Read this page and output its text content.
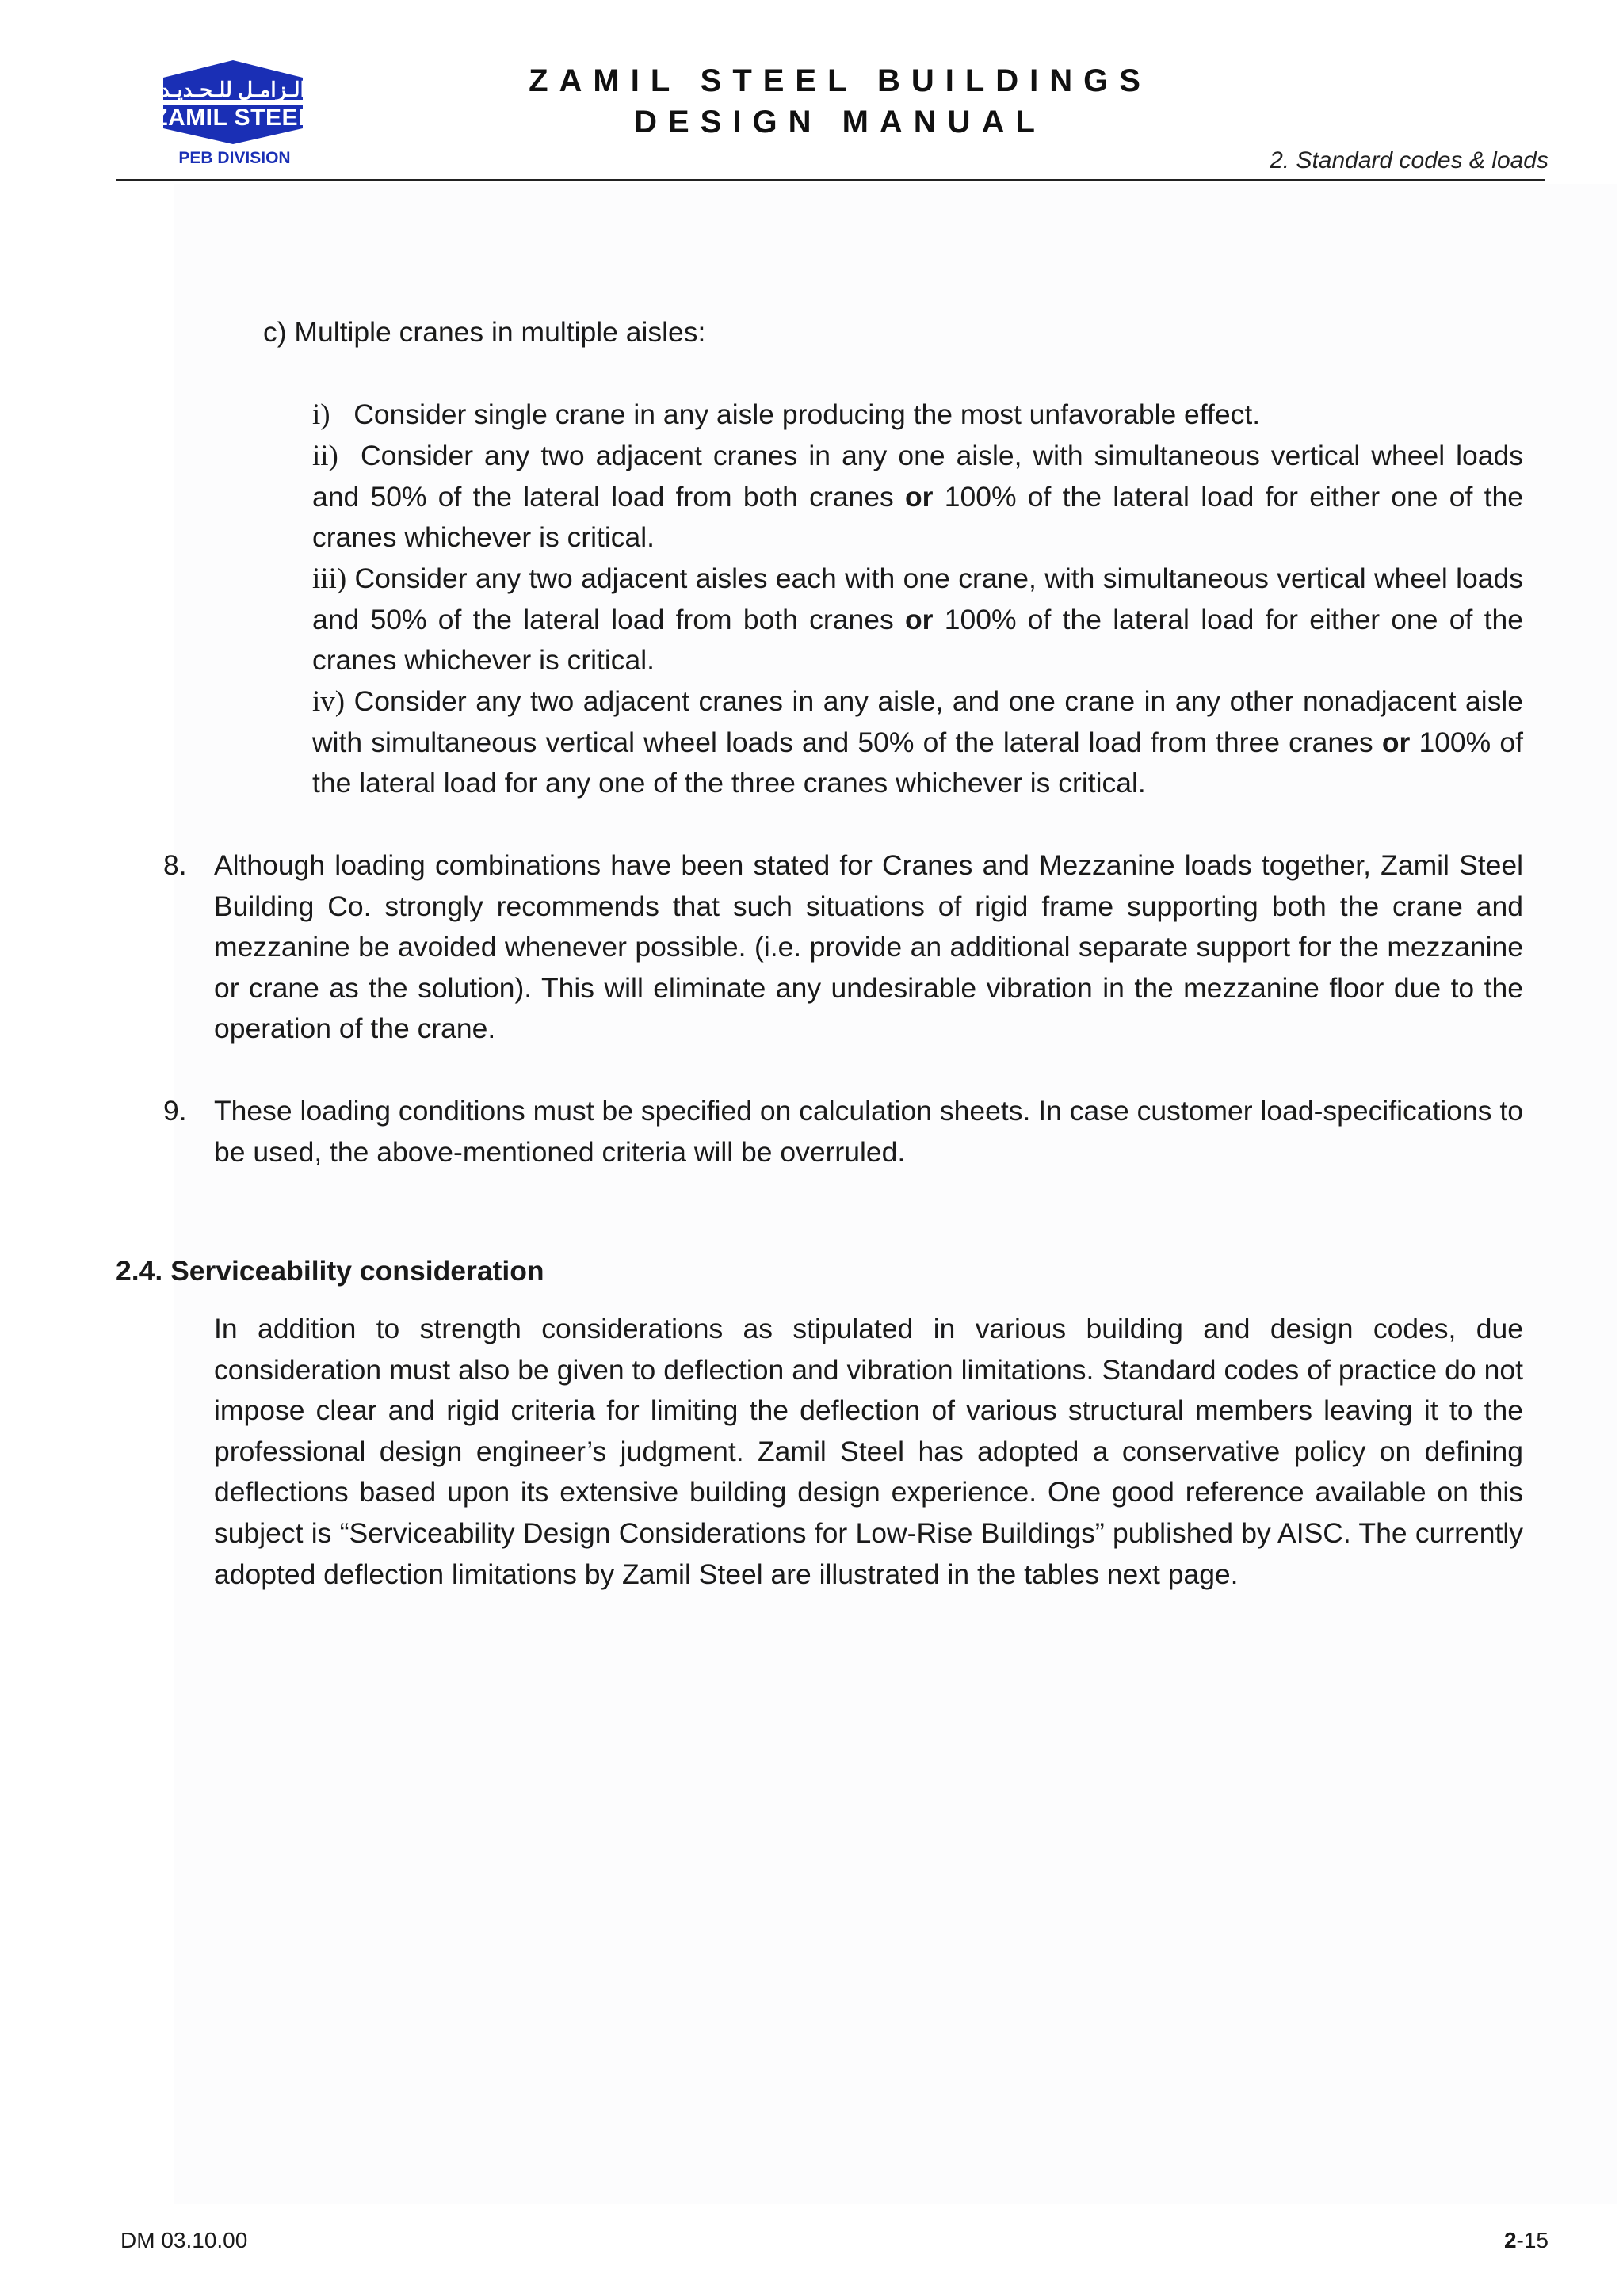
الـزامـل للـحـديـد
ZAMIL STEEL
PEB DIVISION
ZAMIL STEEL BUILDINGS
DESIGN MANUAL
2. Standard codes & loads
c) Multiple cranes in multiple aisles:
i) Consider single crane in any aisle producing the most unfavorable effect.
ii) Consider any two adjacent cranes in any one aisle, with simultaneous vertical wheel loads and 50% of the lateral load from both cranes or 100% of the lateral load for either one of the cranes whichever is critical.
iii) Consider any two adjacent aisles each with one crane, with simultaneous vertical wheel loads and 50% of the lateral load from both cranes or 100% of the lateral load for either one of the cranes whichever is critical.
iv) Consider any two adjacent cranes in any aisle, and one crane in any other nonadjacent aisle with simultaneous vertical wheel loads and 50% of the lateral load from three cranes or 100% of the lateral load for any one of the three cranes whichever is critical.
8. Although loading combinations have been stated for Cranes and Mezzanine loads together, Zamil Steel Building Co. strongly recommends that such situations of rigid frame supporting both the crane and mezzanine be avoided whenever possible. (i.e. provide an additional separate support for the mezzanine or crane as the solution). This will eliminate any undesirable vibration in the mezzanine floor due to the operation of the crane.
9. These loading conditions must be specified on calculation sheets. In case customer load-specifications to be used, the above-mentioned criteria will be overruled.
2.4. Serviceability consideration
In addition to strength considerations as stipulated in various building and design codes, due consideration must also be given to deflection and vibration limitations. Standard codes of practice do not impose clear and rigid criteria for limiting the deflection of various structural members leaving it to the professional design engineer’s judgment. Zamil Steel has adopted a conservative policy on defining deflections based upon its extensive building design experience. One good reference available on this subject is “Serviceability Design Considerations for Low-Rise Buildings” published by AISC. The currently adopted deflection limitations by Zamil Steel are illustrated in the tables next page.
DM 03.10.00	2-15
